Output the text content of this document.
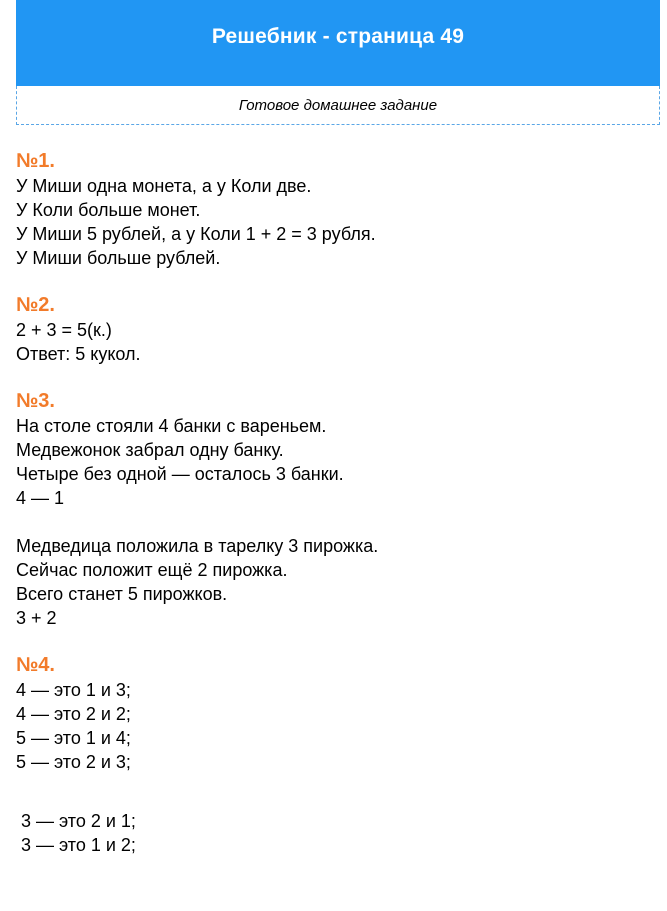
Решебник - страница 49
Готовое домашнее задание
№1.
У Миши одна монета, а у Коли две.
У Коли больше монет.
У Миши 5 рублей, а у Коли 1 + 2 = 3 рубля.
У Миши больше рублей.
№2.
2 + 3 = 5(к.)
Ответ: 5 кукол.
№3.
На столе стояли 4 банки с вареньем.
Медвежонок забрал одну банку.
Четыре без одной — осталось 3 банки.
4 — 1
Медведица положила в тарелку 3 пирожка.
Сейчас положит ещё 2 пирожка.
Всего станет 5 пирожков.
3 + 2
№4.
4 — это 1 и 3;
4 — это 2 и 2;
5 — это 1 и 4;
5 — это 2 и 3;
3 — это 2 и 1;
3 — это 1 и 2;
